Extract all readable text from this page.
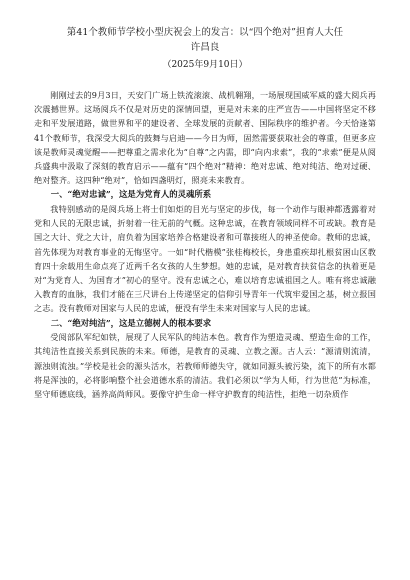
第41个教师节学校小型庆祝会上的发言：以“四个绝对”担育人大任

许昌良

（2025年9月10日）

刚刚过去的9月3日，天安门广场上铁流滚滚、战机翱翔，一场展现国威军威的盛大阅兵再次震撼世界。这场阅兵不仅是对历史的深情回望，更是对未来的庄严宣告——中国将坚定不移走和平发展道路，做世界和平的建设者、全球发展的贡献者、国际秩序的维护者。今天恰逢第41个教师节，我深受大阅兵的鼓舞与启迪——今日为师，固然需要获取社会的尊重，但更多应该是教师灵魂觉醒——把尊重之需求化为“自尊”之内需，即“向内求索”，我的“求索”便是从阅兵盛典中汲取了深刻的教育启示——蕴有“四个绝对”精神：绝对忠诚、绝对纯洁、绝对过硬、绝对整齐。这四种“绝对”，恰如四盏明灯，照亮未来教育。

一、“绝对忠诚”，这是为党育人的灵魂所系

我特别感动的是阅兵场上将士们如炬的目光与坚定的步伐，每一个动作与眼神都透露着对党和人民的无限忠诚，折射着一往无前的气概。这种忠诚，在教育领域同样不可或缺。教育是国之大计、党之大计，肩负着为国家培养合格建设者和可靠接班人的神圣使命。教师的忠诚，首先体现为对教育事业的无悔坚守。一如“时代楷模”张桂梅校长，身患重疾却扎根贫困山区教育四十余载用生命点亮了近两千名女孩的人生梦想。她的忠诚，是对教育扶贫信念的执着更是对“为党育人、为国育才”初心的坚守。没有忠诚之心，难以培育忠诚祖国之人。唯有将忠诚融入教育的血脉，我们才能在三尺讲台上传递坚定的信仰引导青年一代筑牢爱国之基，树立报国之志。没有教师对国家与人民的忠诚，便没有学生未来对国家与人民的忠诚。

二、“绝对纯洁”，这是立德树人的根本要求

受阅部队军纪如铁，展现了人民军队的纯洁本色。教育作为塑造灵魂、塑造生命的工作，其纯洁性直接关系到民族的未来。师德，是教育的灵魂、立教之源。古人云：“源清则流清，源浊则流浊。”学校是社会的源头活水，若教师师德失守，就如同源头被污染，流下的所有水都将是浑浊的，必将影响整个社会道德水系的清洁。我们必须以“学为人师，行为世范”为标准，坚守师德底线，涵养高尚师风。要像守护生命一样守护教育的纯洁性，拒绝一切杂质作
